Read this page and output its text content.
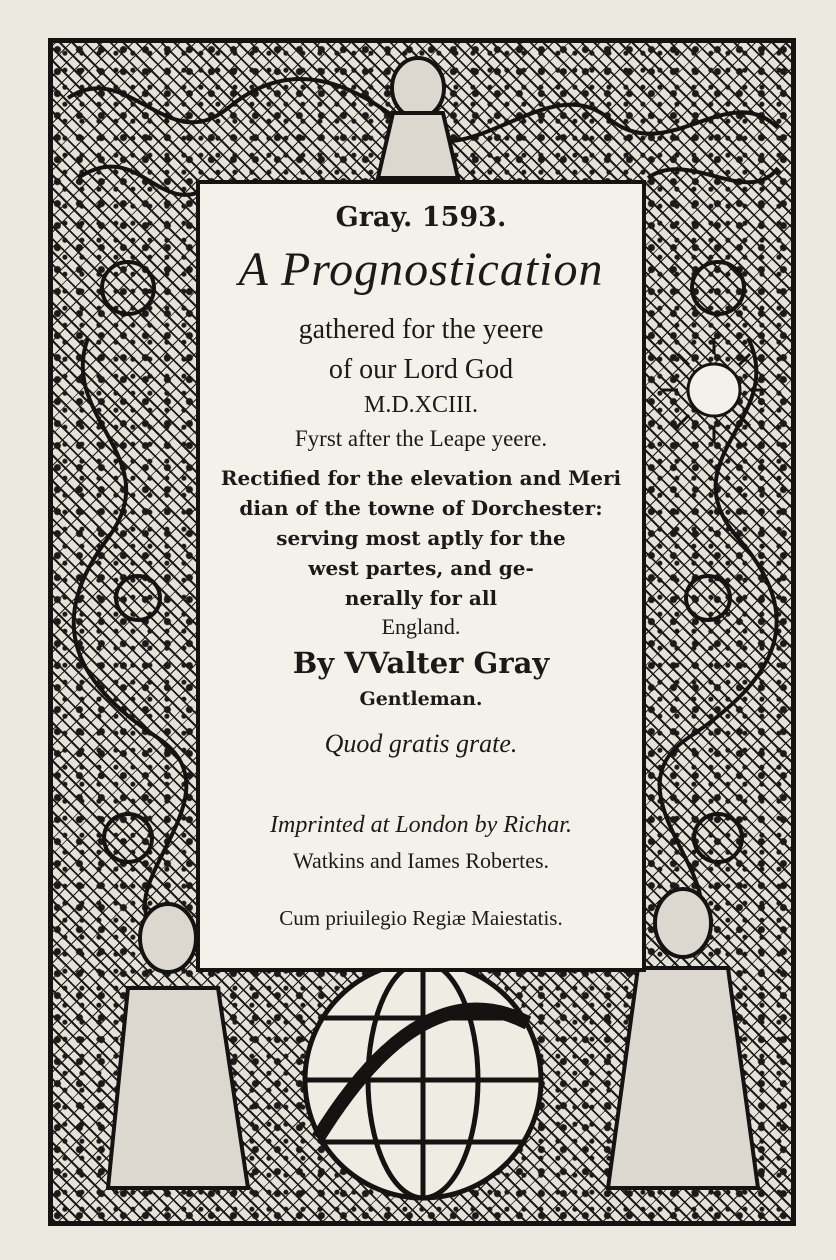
Gray. 1593.
A Prognostication
gathered for the yeere
of our Lord God
M.D.XCIII.
Fyrst after the Leape yeere.
Rectified for the elevation and Meri
dian of the towne of Dorchester:
serving most aptly for the
west partes, and ge-
nerally for all
England.
By VValter Gray
Gentleman.
Quod gratis grate.
Imprinted at London by Richar.
Watkins and Iames Robertes.
Cum priuilegio Regiæ Maiestatis.
